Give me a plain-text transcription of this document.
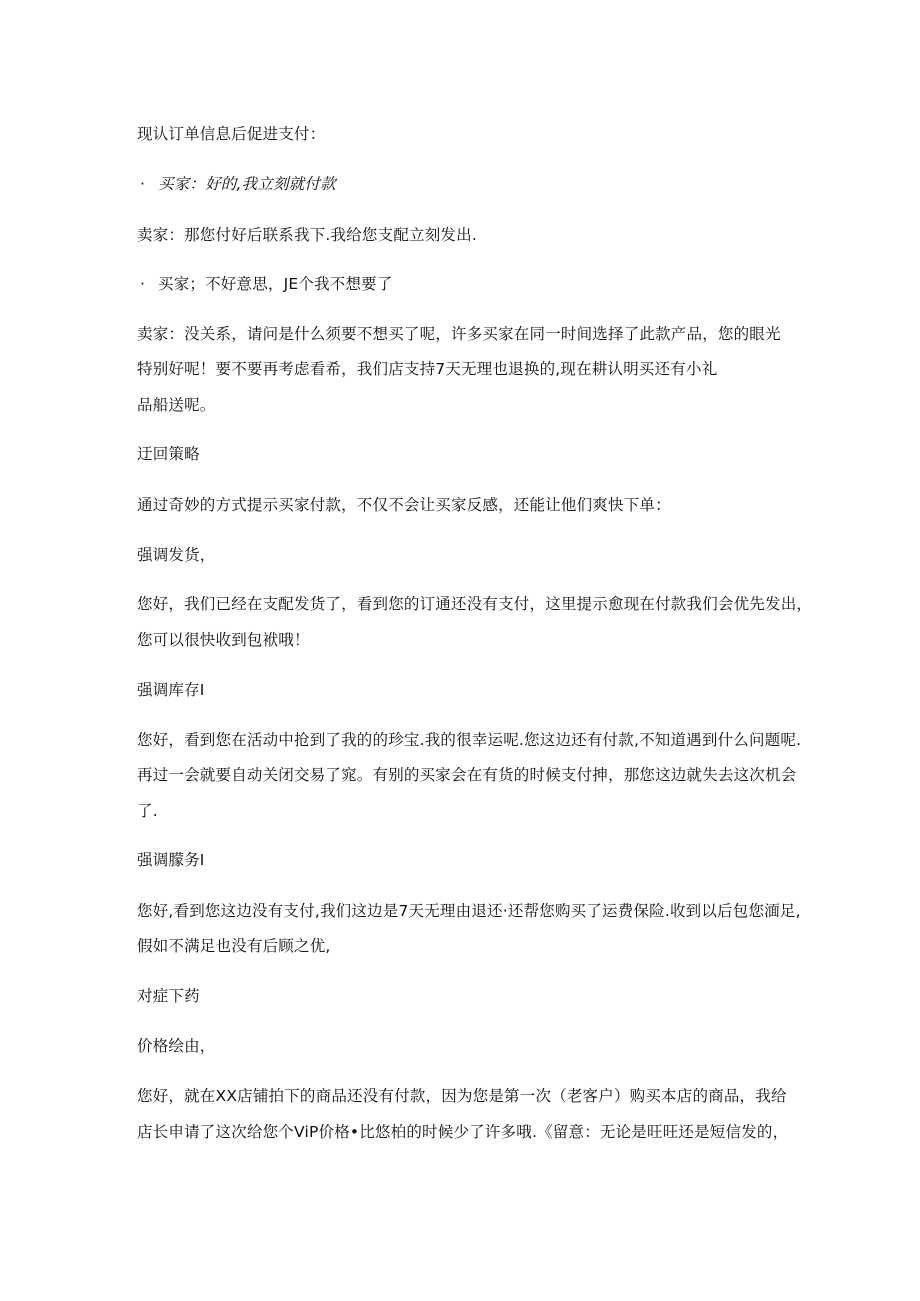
现认订单信息后促进支付：
· 买家：好的,我立刻就付款
卖家：那您付好后联系我下.我给您支配立刻发出.
· 买家；不好意思，JE个我不想要了
卖家：没关系，请问是什么须要不想买了呢，许多买家在同一时间选择了此款产品，您的眼光
特别好呢！要不要再考虑看希，我们店支持7天无理也退换的,现在耕认明买还有小礼
品船送呢。
迂回策略
通过奇妙的方式提示买家付款，不仅不会让买家反感，还能让他们爽快下单：
强调发货，
您好，我们已经在支配发货了，看到您的订通还没有支付，这里提示愈现在付款我们会优先发出，
您可以很快收到包袱哦！
强调库存I
您好，看到您在活动中抢到了我的的珍宝.我的很幸运呢.您这边还有付款,不知道遇到什么问题呢.
再过一会就要自动关闭交易了窕。有别的买家会在有货的时候支付抻，那您这边就失去这次机会
了.
强调朦务I
您好,看到您这边没有支付,我们这边是7天无理由退还·还帮您购买了运费保险.收到以后包您湎足,
假如不满足也没有后顾之优,
对症下药
价格绘由，
您好，就在XX店铺拍下的商品还没有付款，因为您是第一次（老客户）购买本店的商品，我给
店长申请了这次给您个ViP价格•比悠柏的时候少了许多哦.《留意：无论是旺旺还是短信发的，
